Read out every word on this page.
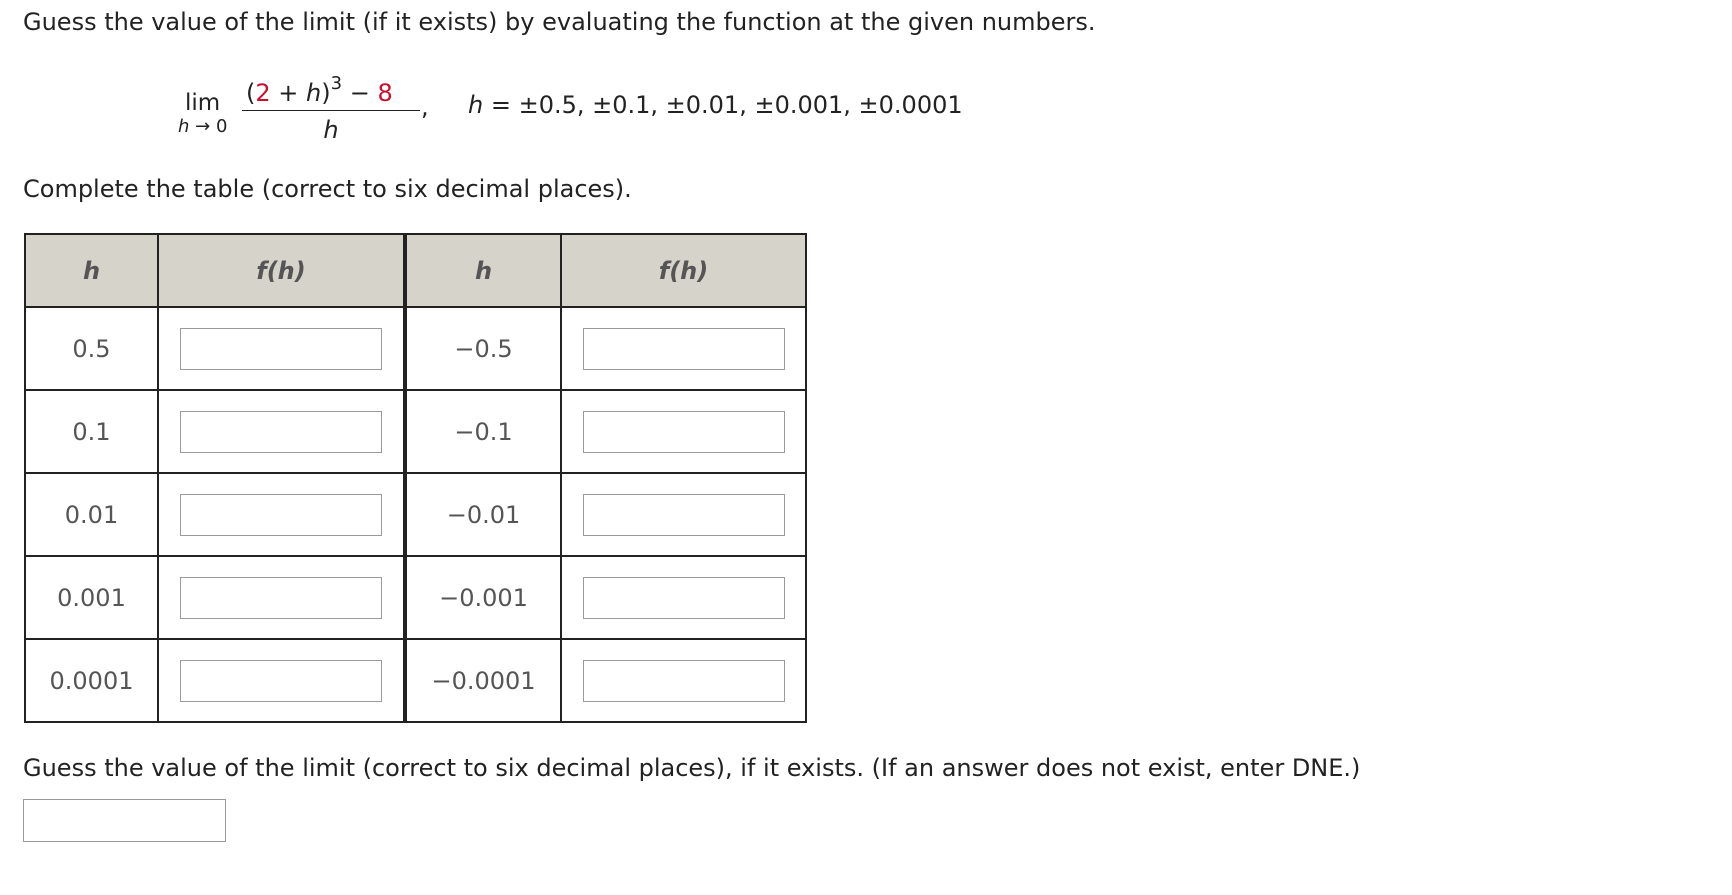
Guess the value of the limit (if it exists) by evaluating the function at the given numbers.
lim
h → 0
$(2 + h)^3 - 8$
h
, h = ±0.5, ±0.1, ±0.01, ±0.001, ±0.0001
Complete the table (correct to six decimal places).
h	f(h)	h	f(h)
0.5		−0.5	
0.1		−0.1	
0.01		−0.01	
0.001		−0.001	
0.0001		−0.0001	
Guess the value of the limit (correct to six decimal places), if it exists. (If an answer does not exist, enter DNE.)
